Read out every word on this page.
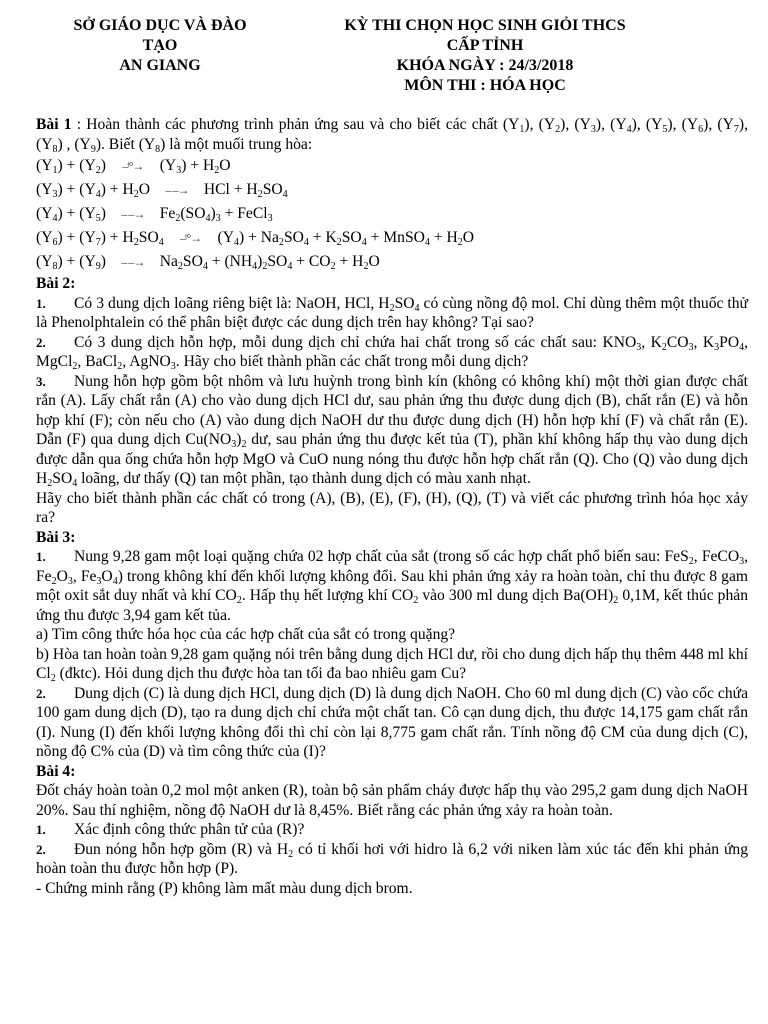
SỞ GIÁO DỤC VÀ ĐÀO
TẠO
AN GIANG
KỲ THI CHỌN HỌC SINH GIỎI THCS
CẤP TỈNH
KHÓA NGÀY : 24/3/2018
MÔN THI : HÓA HỌC

Bài 1 : Hoàn thành các phương trình phản ứng sau và cho biết các chất $(Y_1)$, $(Y_2)$, $(Y_3)$, $(Y_4)$, $(Y_5)$, $(Y_6)$, $(Y_7)$, $(Y_8)$ , $(Y_9)$. Biết $(Y_8)$ là một muối trung hòa:

$(Y_1) + (Y_2)$ –ᵗ°→ $(Y_3) + H_2O$
$(Y_3) + (Y_4) + H_2O$ – –→ HCl + $H_2SO_4$
$(Y_4) + (Y_5)$ – –→ $Fe_2(SO_4)_3$ + FeCl$_3$
$(Y_6) + (Y_7) + H_2SO_4$ –ᵗ°→ $(Y_4) + Na_2SO_4 + K_2SO_4$ + MnSO$_4$ + $H_2O$
$(Y_8) + (Y_9)$ – –→ $Na_2SO_4 + (NH_4)_2SO_4 + CO_2 + H_2O$

Bài 2:

1. Có 3 dung dịch loãng riêng biệt là: NaOH, HCl, $H_2SO_4$ có cùng nồng độ mol. Chỉ dùng thêm một thuốc thử là Phenolphtalein có thể phân biệt được các dung dịch trên hay không? Tại sao?

2. Có 3 dung dịch hỗn hợp, mỗi dung dịch chỉ chứa hai chất trong số các chất sau: $KNO_3$, $K_2CO_3$, $K_3PO_4$, MgCl$_2$, BaCl$_2$, AgNO$_3$. Hãy cho biết thành phần các chất trong mỗi dung dịch?

3. Nung hỗn hợp gồm bột nhôm và lưu huỳnh trong bình kín (không có không khí) một thời gian được chất rắn (A). Lấy chất rắn (A) cho vào dung dịch HCl dư, sau phản ứng thu được dung dịch (B), chất rắn (E) và hỗn hợp khí (F); còn nếu cho (A) vào dung dịch NaOH dư thu được dung dịch (H) hỗn hợp khí (F) và chất rắn (E). Dẫn (F) qua dung dịch $Cu(NO_3)_2$ dư, sau phản ứng thu được kết tủa (T), phần khí không hấp thụ vào dung dịch được dẫn qua ống chứa hỗn hợp MgO và CuO nung nóng thu được hỗn hợp chất rắn (Q). Cho (Q) vào dung dịch $H_2SO_4$ loãng, dư thấy (Q) tan một phần, tạo thành dung dịch có màu xanh nhạt.

Hãy cho biết thành phần các chất có trong (A), (B), (E), (F), (H), (Q), (T) và viết các phương trình hóa học xảy ra?

Bài 3:

1. Nung 9,28 gam một loại quặng chứa 02 hợp chất của sắt (trong số các hợp chất phổ biến sau: FeS$_2$, FeCO$_3$, $Fe_2O_3$, $Fe_3O_4$) trong không khí đến khối lượng không đổi. Sau khi phản ứng xảy ra hoàn toàn, chỉ thu được 8 gam một oxit sắt duy nhất và khí $CO_2$. Hấp thụ hết lượng khí $CO_2$ vào 300 ml dung dịch $Ba(OH)_2$ 0,1M, kết thúc phản ứng thu được 3,94 gam kết tủa.

a) Tìm công thức hóa học của các hợp chất của sắt có trong quặng?

b) Hòa tan hoàn toàn 9,28 gam quặng nói trên bằng dung dịch HCl dư, rồi cho dung dịch hấp thụ thêm 448 ml khí $Cl_2$ (đktc). Hỏi dung dịch thu được hòa tan tối đa bao nhiêu gam Cu?

2. Dung dịch (C) là dung dịch HCl, dung dịch (D) là dung dịch NaOH. Cho 60 ml dung dịch (C) vào cốc chứa 100 gam dung dịch (D), tạo ra dung dịch chỉ chứa một chất tan. Cô cạn dung dịch, thu được 14,175 gam chất rắn (I). Nung (I) đến khối lượng không đổi thì chỉ còn lại 8,775 gam chất rắn. Tính nồng độ CM của dung dịch (C), nồng độ C% của (D) và tìm công thức của (I)?

Bài 4:

Đốt cháy hoàn toàn 0,2 mol một anken (R), toàn bộ sản phẩm cháy được hấp thụ vào 295,2 gam dung dịch NaOH 20%. Sau thí nghiệm, nồng độ NaOH dư là 8,45%. Biết rằng các phản ứng xảy ra hoàn toàn.

1. Xác định công thức phân tử của (R)?

2. Đun nóng hỗn hợp gồm (R) và $H_2$ có tỉ khối hơi với hidro là 6,2 với niken làm xúc tác đến khi phản ứng hoàn toàn thu được hỗn hợp (P).

- Chứng minh rằng (P) không làm mất màu dung dịch brom.
